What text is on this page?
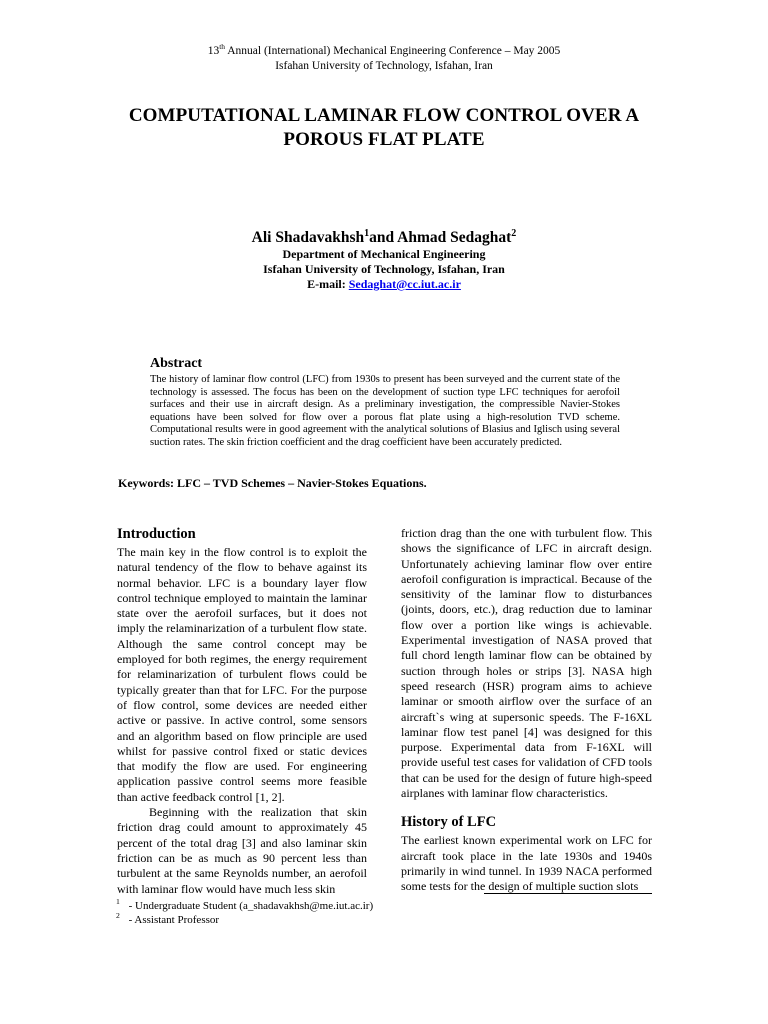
13th Annual (International) Mechanical Engineering Conference – May 2005
Isfahan University of Technology, Isfahan, Iran
COMPUTATIONAL LAMINAR FLOW CONTROL OVER A
POROUS FLAT PLATE
Ali Shadavakhsh$^1$and Ahmad Sedaghat$^2$
Department of Mechanical Engineering
Isfahan University of Technology, Isfahan, Iran
E-mail: Sedaghat@cc.iut.ac.ir
Abstract
The history of laminar flow control (LFC) from 1930s to present has been surveyed and the current state of the technology is assessed. The focus has been on the development of suction type LFC techniques for aerofoil surfaces and their use in aircraft design. As a preliminary investigation, the compressible Navier-Stokes equations have been solved for flow over a porous flat plate using a high-resolution TVD scheme. Computational results were in good agreement with the analytical solutions of Blasius and Iglisch using several suction rates. The skin friction coefficient and the drag coefficient have been accurately predicted.
Keywords: LFC – TVD Schemes – Navier-Stokes Equations.
Introduction

The main key in the flow control is to exploit the natural tendency of the flow to behave against its normal behavior. LFC is a boundary layer flow control technique employed to maintain the laminar state over the aerofoil surfaces, but it does not imply the relaminarization of a turbulent flow state. Although the same control concept may be employed for both regimes, the energy requirement for relaminarization of turbulent flows could be typically greater than that for LFC. For the purpose of flow control, some devices are needed either active or passive. In active control, some sensors and an algorithm based on flow principle are used whilst for passive control fixed or static devices that modify the flow are used. For engineering application passive control seems more feasible than active feedback control [1, 2].

Beginning with the realization that skin friction drag could amount to approximately 45 percent of the total drag [3] and also laminar skin friction can be as much as 90 percent less than turbulent at the same Reynolds number, an aerofoil with laminar flow would have much less skin

friction drag than the one with turbulent flow. This shows the significance of LFC in aircraft design. Unfortunately achieving laminar flow over entire aerofoil configuration is impractical. Because of the sensitivity of the laminar flow to disturbances (joints, doors, etc.), drag reduction due to laminar flow over a portion like wings is achievable. Experimental investigation of NASA proved that full chord length laminar flow can be obtained by suction through holes or strips [3]. NASA high speed research (HSR) program aims to achieve laminar or smooth airflow over the surface of an aircraft`s wing at supersonic speeds. The F-16XL laminar flow test panel [4] was designed for this purpose. Experimental data from F-16XL will provide useful test cases for validation of CFD tools that can be used for the design of future high-speed airplanes with laminar flow characteristics.

History of LFC

The earliest known experimental work on LFC for aircraft took place in the late 1930s and 1940s primarily in wind tunnel. In 1939 NACA performed some tests for the design of multiple suction slots

$^1$ - Undergraduate Student (a_shadavakhsh@me.iut.ac.ir)
$^2$ - Assistant Professor
